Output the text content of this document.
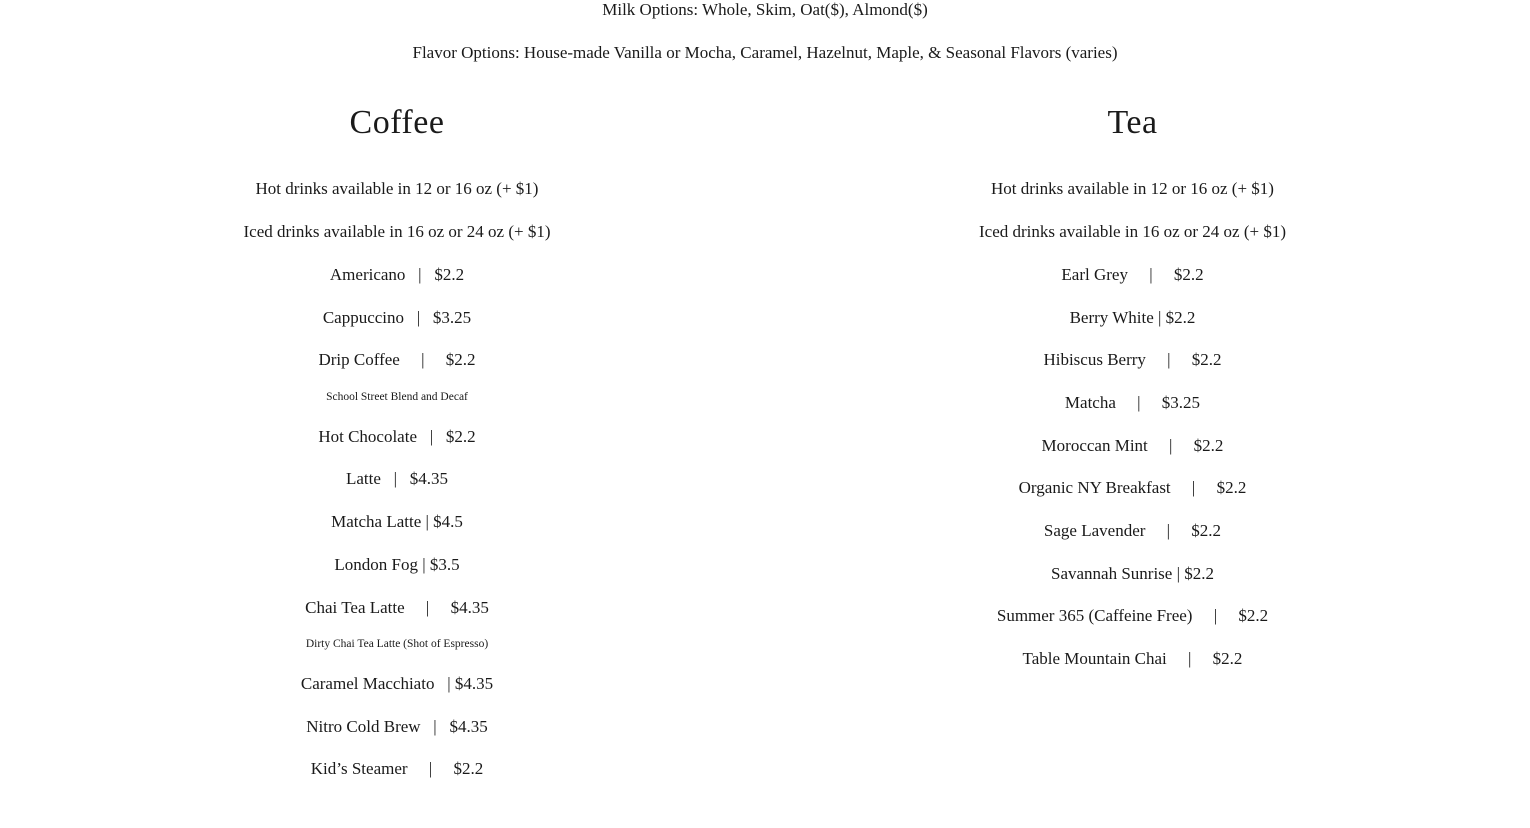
Milk Options: Whole, Skim, Oat($), Almond($)
Flavor Options: House-made Vanilla or Mocha, Caramel, Hazelnut, Maple, & Seasonal Flavors (varies)
Coffee
Hot drinks available in 12 or 16 oz (+ $1)
Iced drinks available in 16 oz or 24 oz (+ $1)
Americano   |   $2.2
Cappuccino   |   $3.25
Drip Coffee     |     $2.2
School Street Blend and Decaf
Hot Chocolate   |   $2.2
Latte   |   $4.35
Matcha Latte | $4.5
London Fog | $3.5
Chai Tea Latte     |     $4.35
Dirty Chai Tea Latte (Shot of Espresso)
Caramel Macchiato   | $4.35
Nitro Cold Brew   |   $4.35
Kid’s Steamer     |     $2.2
Tea
Hot drinks available in 12 or 16 oz (+ $1)
Iced drinks available in 16 oz or 24 oz (+ $1)
Earl Grey     |     $2.2
Berry White | $2.2
Hibiscus Berry     |     $2.2
Matcha     |     $3.25
Moroccan Mint     |     $2.2
Organic NY Breakfast     |     $2.2
Sage Lavender     |     $2.2
Savannah Sunrise | $2.2
Summer 365 (Caffeine Free)     |     $2.2
Table Mountain Chai     |     $2.2
